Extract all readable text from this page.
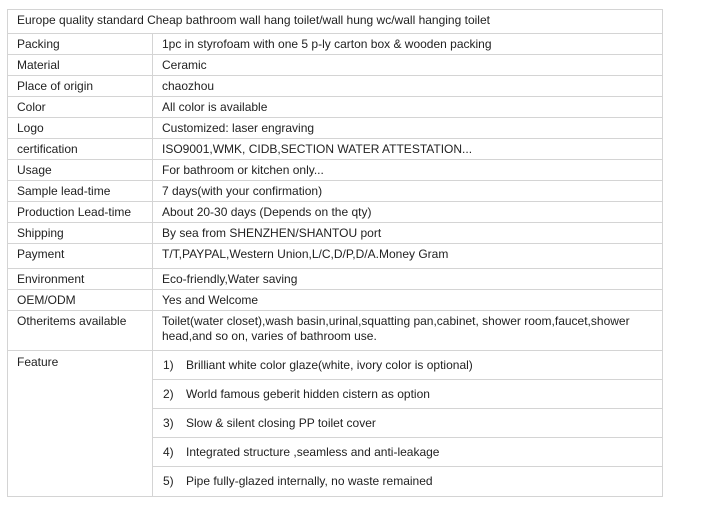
Europe quality standard Cheap bathroom wall hang toilet/wall hung wc/wall hanging toilet	
Packing	1pc in styrofoam with one 5 p-ly carton box & wooden packing
Material	Ceramic
Place of origin	chaozhou
Color	All color is available
Logo	Customized: laser engraving
certification	ISO9001,WMK, CIDB,SECTION WATER ATTESTATION...
Usage	For bathroom or kitchen only...
Sample lead-time	7 days(with your confirmation)
Production Lead-time	About 20-30 days (Depends on the qty)
Shipping	By sea from SHENZHEN/SHANTOU port
Payment	T/T,PAYPAL,Western Union,L/C,D/P,D/A.Money Gram
Environment	Eco-friendly,Water saving
OEM/ODM	Yes and Welcome
Otheritems available	Toilet(water closet),wash basin,urinal,squatting pan,cabinet, shower room,faucet,shower head,and so on, varies of bathroom use.
Feature	1) Brilliant white color glaze(white, ivory color is optional)
2) World famous geberit hidden cistern as option
3) Slow & silent closing PP toilet cover
4) Integrated structure ,seamless and anti-leakage
5) Pipe fully-glazed internally, no waste remained
